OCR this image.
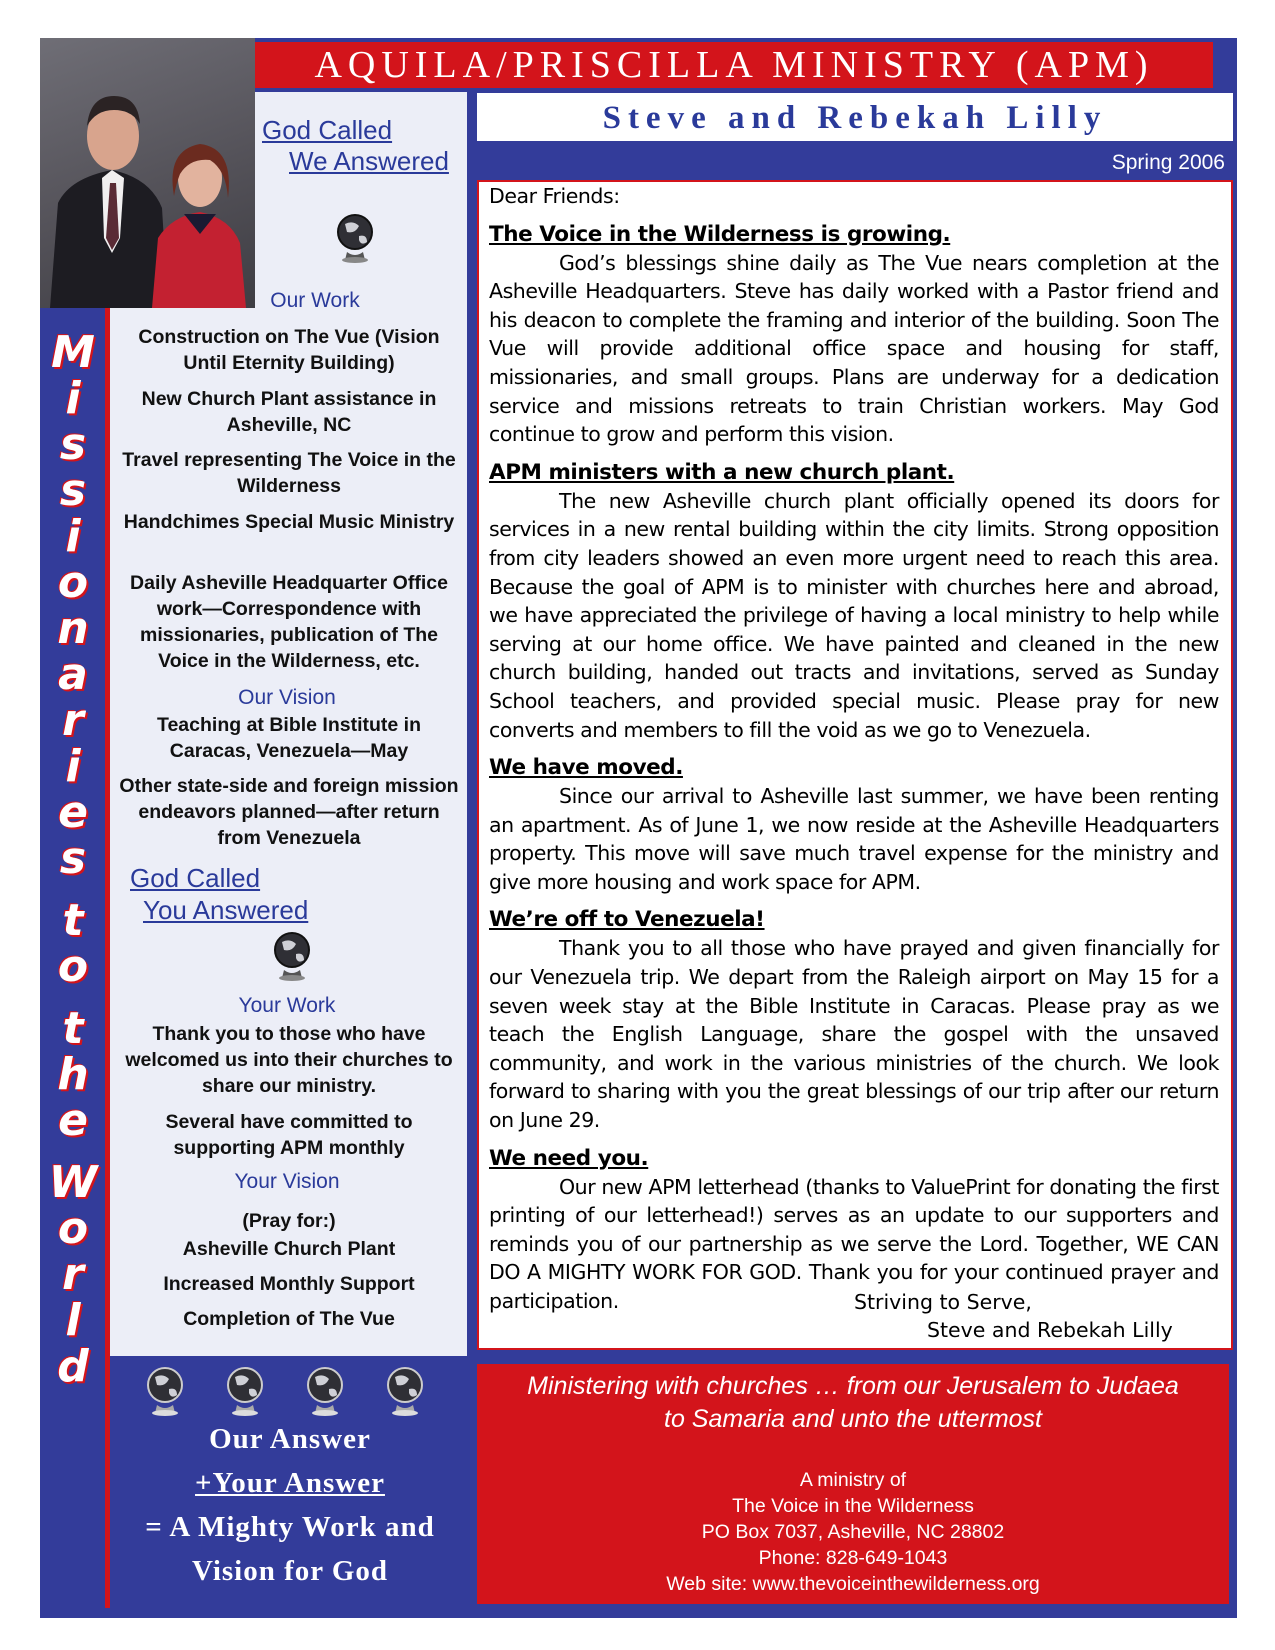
AQUILA/PRISCILLA MINISTRY (APM)
Steve and Rebekah Lilly
Spring 2006
M
i
s
s
i
o
n
a
r
i
e
s
t
o
t
h
e
W
o
r
l
d
God Called
We Answered
Our Work
Construction on The Vue (Vision Until Eternity Building)
New Church Plant assistance in Asheville, NC
Travel representing The Voice in the Wilderness
Handchimes Special Music Ministry
Daily Asheville Headquarter Office work—Correspondence with missionaries, publication of The Voice in the Wilderness, etc.
Our Vision
Teaching at Bible Institute in Caracas, Venezuela—May
Other state-side and foreign mission endeavors planned—after return from Venezuela
God Called
You Answered
Your Work
Thank you to those who have welcomed us into their churches to share our ministry.
Several have committed to supporting APM monthly
Your Vision
(Pray for:)
Asheville Church Plant
Increased Monthly Support
Completion of The Vue
Our Answer
+Your Answer
= A Mighty Work and
Vision for God
Dear Friends:
The Voice in the Wilderness is growing.

God’s blessings shine daily as The Vue nears completion at the Asheville Headquarters. Steve has daily worked with a Pastor friend and his deacon to complete the framing and interior of the building. Soon The Vue will provide additional office space and housing for staff, missionaries, and small groups. Plans are underway for a dedication service and missions retreats to train Christian workers. May God continue to grow and perform this vision.

APM ministers with a new church plant.

The new Asheville church plant officially opened its doors for services in a new rental building within the city limits. Strong opposition from city leaders showed an even more urgent need to reach this area. Because the goal of APM is to minister with churches here and abroad, we have appreciated the privilege of having a local ministry to help while serving at our home office. We have painted and cleaned in the new church building, handed out tracts and invitations, served as Sunday School teachers, and provided special music. Please pray for new converts and members to fill the void as we go to Venezuela.

We have moved.

Since our arrival to Asheville last summer, we have been renting an apartment. As of June 1, we now reside at the Asheville Headquarters property. This move will save much travel expense for the ministry and give more housing and work space for APM.

We’re off to Venezuela!

Thank you to all those who have prayed and given financially for our Venezuela trip. We depart from the Raleigh airport on May 15 for a seven week stay at the Bible Institute in Caracas. Please pray as we teach the English Language, share the gospel with the unsaved community, and work in the various ministries of the church. We look forward to sharing with you the great blessings of our trip after our return on June 29.

We need you.

Our new APM letterhead (thanks to ValuePrint for donating the first printing of our letterhead!) serves as an update to our supporters and reminds you of our partnership as we serve the Lord. Together, WE CAN DO A MIGHTY WORK FOR GOD. Thank you for your continued prayer and participation.	Striving to Serve,
Steve and Rebekah Lilly
Ministering with churches … from our Jerusalem to Judaea
to Samaria and unto the uttermost
A ministry of
The Voice in the Wilderness
PO Box 7037, Asheville, NC 28802
Phone: 828-649-1043
Web site: www.thevoiceinthewilderness.org
